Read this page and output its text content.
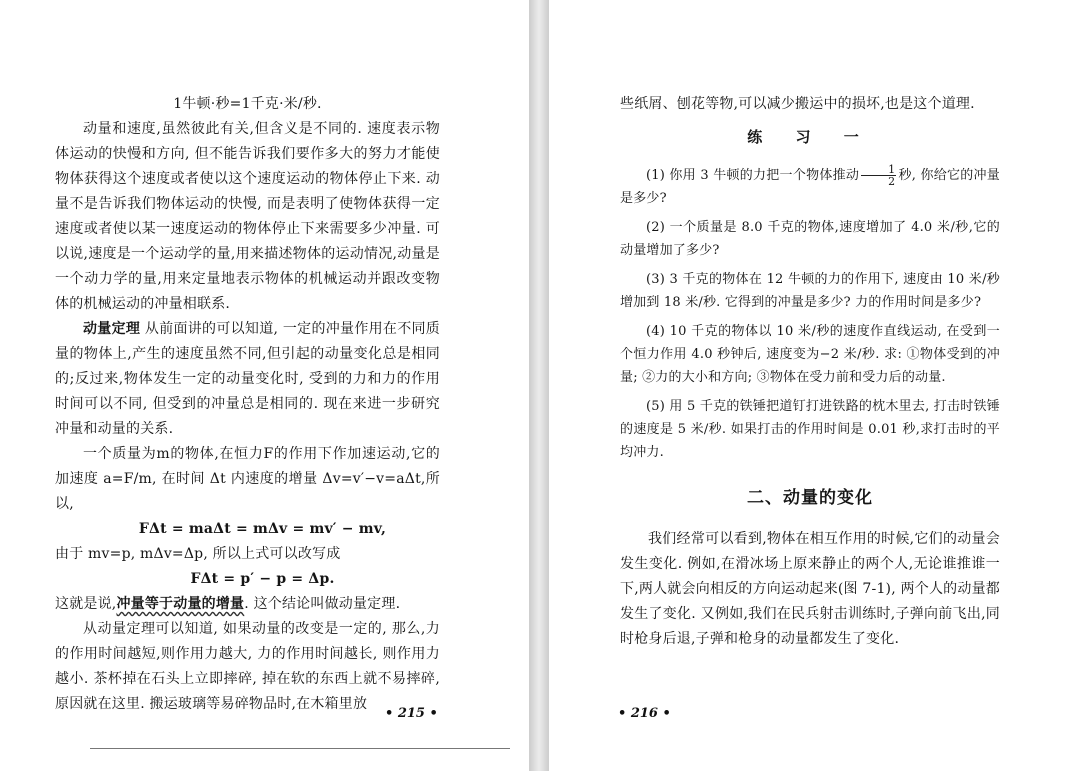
1牛顿·秒=1千克·米/秒.

动量和速度,虽然彼此有关,但含义是不同的. 速度表示物体运动的快慢和方向, 但不能告诉我们要作多大的努力才能使物体获得这个速度或者使以这个速度运动的物体停止下来. 动量不是告诉我们物体运动的快慢, 而是表明了使物体获得一定速度或者使以某一速度运动的物体停止下来需要多少冲量. 可以说,速度是一个运动学的量,用来描述物体的运动情况,动量是一个动力学的量,用来定量地表示物体的机械运动并跟改变物体的机械运动的冲量相联系.

动量定理 从前面讲的可以知道, 一定的冲量作用在不同质量的物体上,产生的速度虽然不同,但引起的动量变化总是相同的;反过来,物体发生一定的动量变化时, 受到的力和力的作用时间可以不同, 但受到的冲量总是相同的. 现在来进一步研究冲量和动量的关系.

一个质量为m的物体,在恒力F的作用下作加速运动,它的加速度 a=F/m, 在时间 Δt 内速度的增量 Δv=v′−v=aΔt,所以,

FΔt = maΔt = mΔv = mv′ − mv,

由于 mv=p, mΔv=Δp, 所以上式可以改写成

FΔt = p′ − p = Δp.

这就是说,冲量等于动量的增量. 这个结论叫做动量定理.

从动量定理可以知道, 如果动量的改变是一定的, 那么,力的作用时间越短,则作用力越大, 力的作用时间越长, 则作用力越小. 茶杯掉在石头上立即摔碎, 掉在软的东西上就不易摔碎,原因就在这里. 搬运玻璃等易碎物品时,在木箱里放

• 215 •

些纸屑、刨花等物,可以减少搬运中的损坏,也是这个道理.

练 习 一

(1) 你用 3 牛顿的力把一个物体推动 $\frac{1}{2}$ 秒, 你给它的冲量是多少?

(2) 一个质量是 8.0 千克的物体,速度增加了 4.0 米/秒,它的动量增加了多少?

(3) 3 千克的物体在 12 牛顿的力的作用下, 速度由 10 米/秒增加到 18 米/秒. 它得到的冲量是多少? 力的作用时间是多少?

(4) 10 千克的物体以 10 米/秒的速度作直线运动, 在受到一个恒力作用 4.0 秒钟后, 速度变为−2 米/秒. 求: ①物体受到的冲量; ②力的大小和方向; ③物体在受力前和受力后的动量.

(5) 用 5 千克的铁锤把道钉打进铁路的枕木里去, 打击时铁锤的速度是 5 米/秒. 如果打击的作用时间是 0.01 秒,求打击时的平均冲力.

二、动量的变化

我们经常可以看到,物体在相互作用的时候,它们的动量会发生变化. 例如,在滑冰场上原来静止的两个人,无论谁推谁一下,两人就会向相反的方向运动起来(图 7-1), 两个人的动量都发生了变化. 又例如,我们在民兵射击训练时,子弹向前飞出,同时枪身后退,子弹和枪身的动量都发生了变化.

• 216 •
